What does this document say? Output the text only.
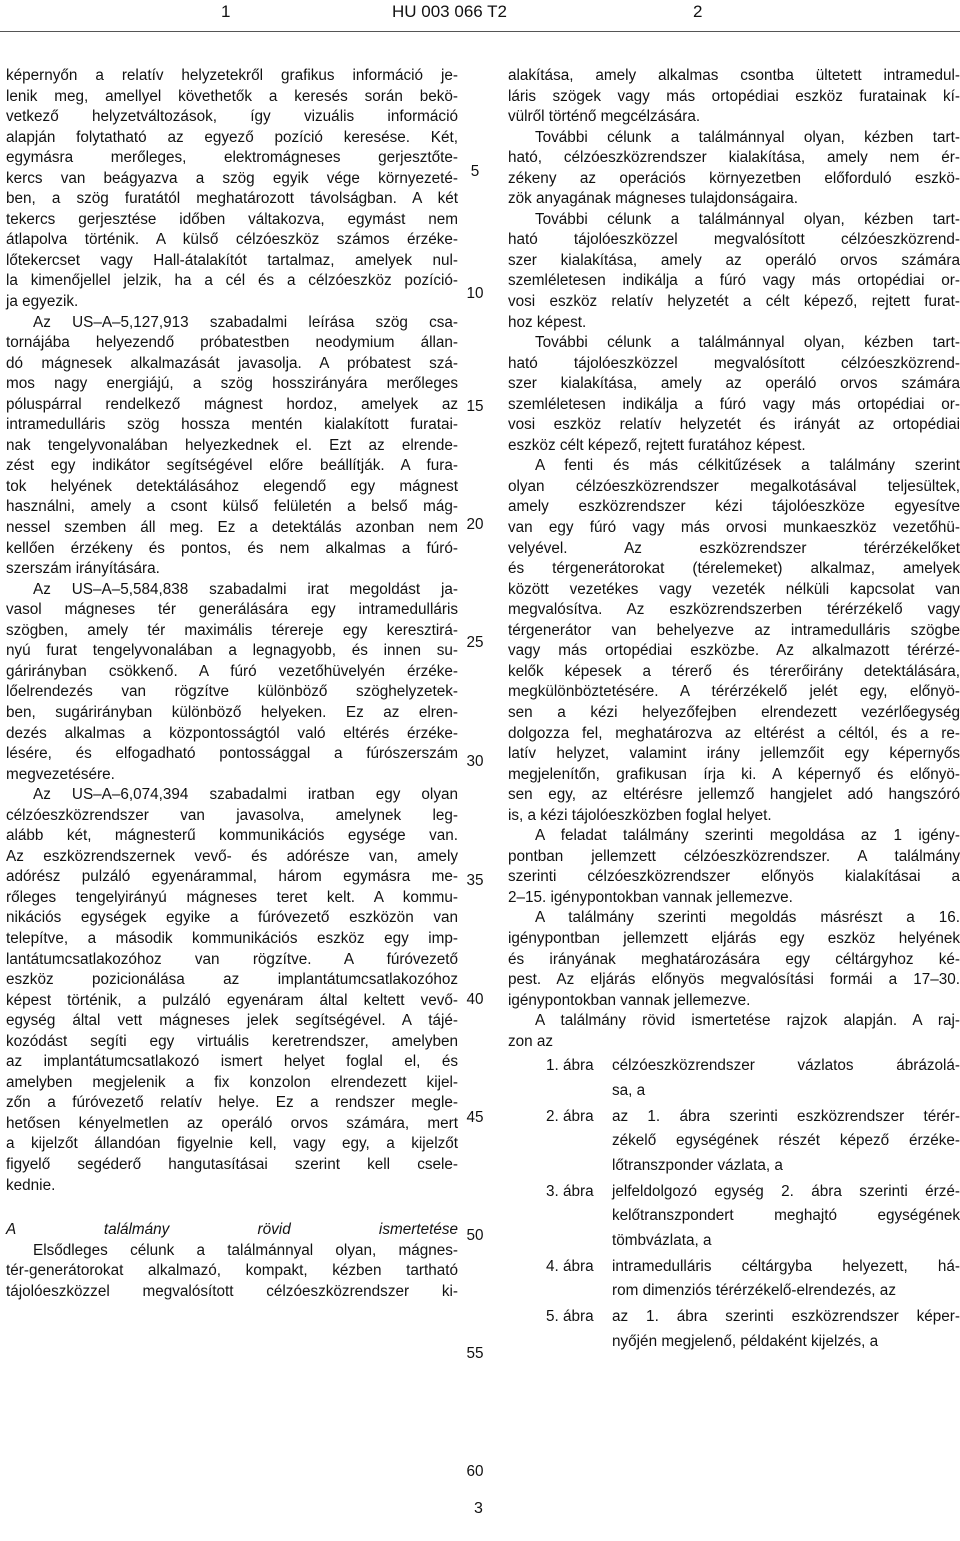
1	HU 003 066 T2	2

képernyőn a relatív helyzetekről grafikus információ je-
lenik meg, amellyel követhetők a keresés során bekö-
vetkező helyzetváltozások, így vizuális információ
alapján folytatható az egyező pozíció keresése. Két,
egymásra merőleges, elektromágneses gerjesztőte-
kercs van beágyazva a szög egyik vége környezeté-
ben, a szög furatától meghatározott távolságban. A két
tekercs gerjesztése időben váltakozva, egymást nem
átlapolva történik. A külső célzóeszköz számos érzéke-
lőtekercset vagy Hall-átalakítót tartalmaz, amelyek nul-
la kimenőjellel jelzik, ha a cél és a célzóeszköz pozíció-
ja egyezik.

Az US–A–5,127,913 szabadalmi leírása szög csa-
tornájába helyezendő próbatestben neodymium állan-
dó mágnesek alkalmazását javasolja. A próbatest szá-
mos nagy energiájú, a szög hosszirányára merőleges
póluspárral rendelkező mágnest hordoz, amelyek az
intramedulláris szög hossza mentén kialakított furatai-
nak tengelyvonalában helyezkednek el. Ezt az elrende-
zést egy indikátor segítségével előre beállítják. A fura-
tok helyének detektálásához elegendő egy mágnest
használni, amely a csont külső felületén a belső mág-
nessel szemben áll meg. Ez a detektálás azonban nem
kellően érzékeny és pontos, és nem alkalmas a fúró-
szerszám irányítására.

Az US–A–5,584,838 szabadalmi irat megoldást ja-
vasol mágneses tér generálására egy intramedulláris
szögben, amely tér maximális térereje egy keresztirá-
nyú furat tengelyvonalában a legnagyobb, és innen su-
gárirányban csökkenő. A fúró vezetőhüvelyén érzéke-
lőelrendezés van rögzítve különböző szöghelyzetek-
ben, sugárirányban különböző helyeken. Ez az elren-
dezés alkalmas a központosságtól való eltérés érzéke-
lésére, és elfogadható pontossággal a fúrószerszám
megvezetésére.

Az US–A–6,074,394 szabadalmi iratban egy olyan
célzóeszközrendszer van javasolva, amelynek leg-
alább két, mágnesterű kommunikációs egysége van.
Az eszközrendszernek vevő- és adórésze van, amely
adórész pulzáló egyenárammal, három egymásra me-
rőleges tengelyirányú mágneses teret kelt. A kommu-
nikációs egységek egyike a fúróvezető eszközön van
telepítve, a második kommunikációs eszköz egy imp-
lantátumcsatlakozóhoz van rögzítve. A fúróvezető
eszköz pozicionálása az implantátumcsatlakozóhoz
képest történik, a pulzáló egyenáram által keltett vevő-
egység által vett mágneses jelek segítségével. A tájé-
kozódást segíti egy virtuális keretrendszer, amelyben
az implantátumcsatlakozó ismert helyet foglal el, és
amelyben megjelenik a fix konzolon elrendezett kijel-
zőn a fúróvezető relatív helye. Ez a rendszer megle-
hetősen kényelmetlen az operáló orvos számára, mert
a kijelzőt állandóan figyelnie kell, vagy egy, a kijelzőt
figyelő segéderő hangutasításai szerint kell csele-
kednie.

A találmány rövid ismertetése

Elsődleges célunk a találmánnyal olyan, mágnes-
tér-generátorokat alkalmazó, kompakt, kézben tartható
tájolóeszközzel megvalósított célzóeszközrendszer ki-

alakítása, amely alkalmas csontba ültetett intramedul-
láris szögek vagy más ortopédiai eszköz furatainak kí-
vülről történő megcélzására.

További célunk a találmánnyal olyan, kézben tart-
ható, célzóeszközrendszer kialakítása, amely nem ér-
zékeny az operációs környezetben előforduló eszkö-
zök anyagának mágneses tulajdonságaira.

További célunk a találmánnyal olyan, kézben tart-
ható tájolóeszközzel megvalósított célzóeszközrend-
szer kialakítása, amely az operáló orvos számára
szemléletesen indikálja a fúró vagy más ortopédiai or-
vosi eszköz relatív helyzetét a célt képező, rejtett furat-
hoz képest.

További célunk a találmánnyal olyan, kézben tart-
ható tájolóeszközzel megvalósított célzóeszközrend-
szer kialakítása, amely az operáló orvos számára
szemléletesen indikálja a fúró vagy más ortopédiai or-
vosi eszköz relatív helyzetét és irányát az ortopédiai
eszköz célt képező, rejtett furatához képest.

A fenti és más célkitűzések a találmány szerint
olyan célzóeszközrendszer megalkotásával teljesültek,
amely eszközrendszer kézi tájolóeszköze egyesítve
van egy fúró vagy más orvosi munkaeszköz vezetőhü-
velyével. Az eszközrendszer térérzékelőket
és térgenerátorokat (térelemeket) alkalmaz, amelyek
között vezetékes vagy vezeték nélküli kapcsolat van
megvalósítva. Az eszközrendszerben térérzékelő vagy
térgenerátor van behelyezve az intramedulláris szögbe
vagy más ortopédiai eszközbe. Az alkalmazott térérzé-
kelők képesek a térerő és térerőirány detektálására,
megkülönböztetésére. A térérzékelő jelét egy, előnyö-
sen a kézi helyezőfejben elrendezett vezérlőegység
dolgozza fel, meghatározva az eltérést a céltól, és a re-
latív helyzet, valamint irány jellemzőit egy képernyős
megjelenítőn, grafikusan írja ki. A képernyő és előnyö-
sen egy, az eltérésre jellemző hangjelet adó hangszóró
is, a kézi tájolóeszközben foglal helyet.

A feladat találmány szerinti megoldása az 1 igény-
pontban jellemzett célzóeszközrendszer. A találmány
szerinti célzóeszközrendszer előnyös kialakításai a
2–15. igénypontokban vannak jellemezve.

A találmány szerinti megoldás másrészt a 16.
igénypontban jellemzett eljárás egy eszköz helyének
és irányának meghatározására egy céltárgyhoz ké-
pest. Az eljárás előnyös megvalósítási formái a 17–30.
igénypontokban vannak jellemezve.

A találmány rövid ismertetése rajzok alapján. A raj-
zon az

1. ábra	célzóeszközrendszer vázlatos ábrázolá-
sa, a
2. ábra	az 1. ábra szerinti eszközrendszer térér-
zékelő egységének részét képező érzéke-
lőtranszponder vázlata, a
3. ábra	jelfeldolgozó egység 2. ábra szerinti érzé-
kelőtranszpondert meghajtó egységének
tömbvázlata, a
4. ábra	intramedulláris céltárgyba helyezett, há-
rom dimenziós térérzékelő-elrendezés, az
5. ábra	az 1. ábra szerinti eszközrendszer képer-
nyőjén megjelenő, példaként kijelzés, a
5
10
15
20
25
30
35
40
45
50
55
60
3
